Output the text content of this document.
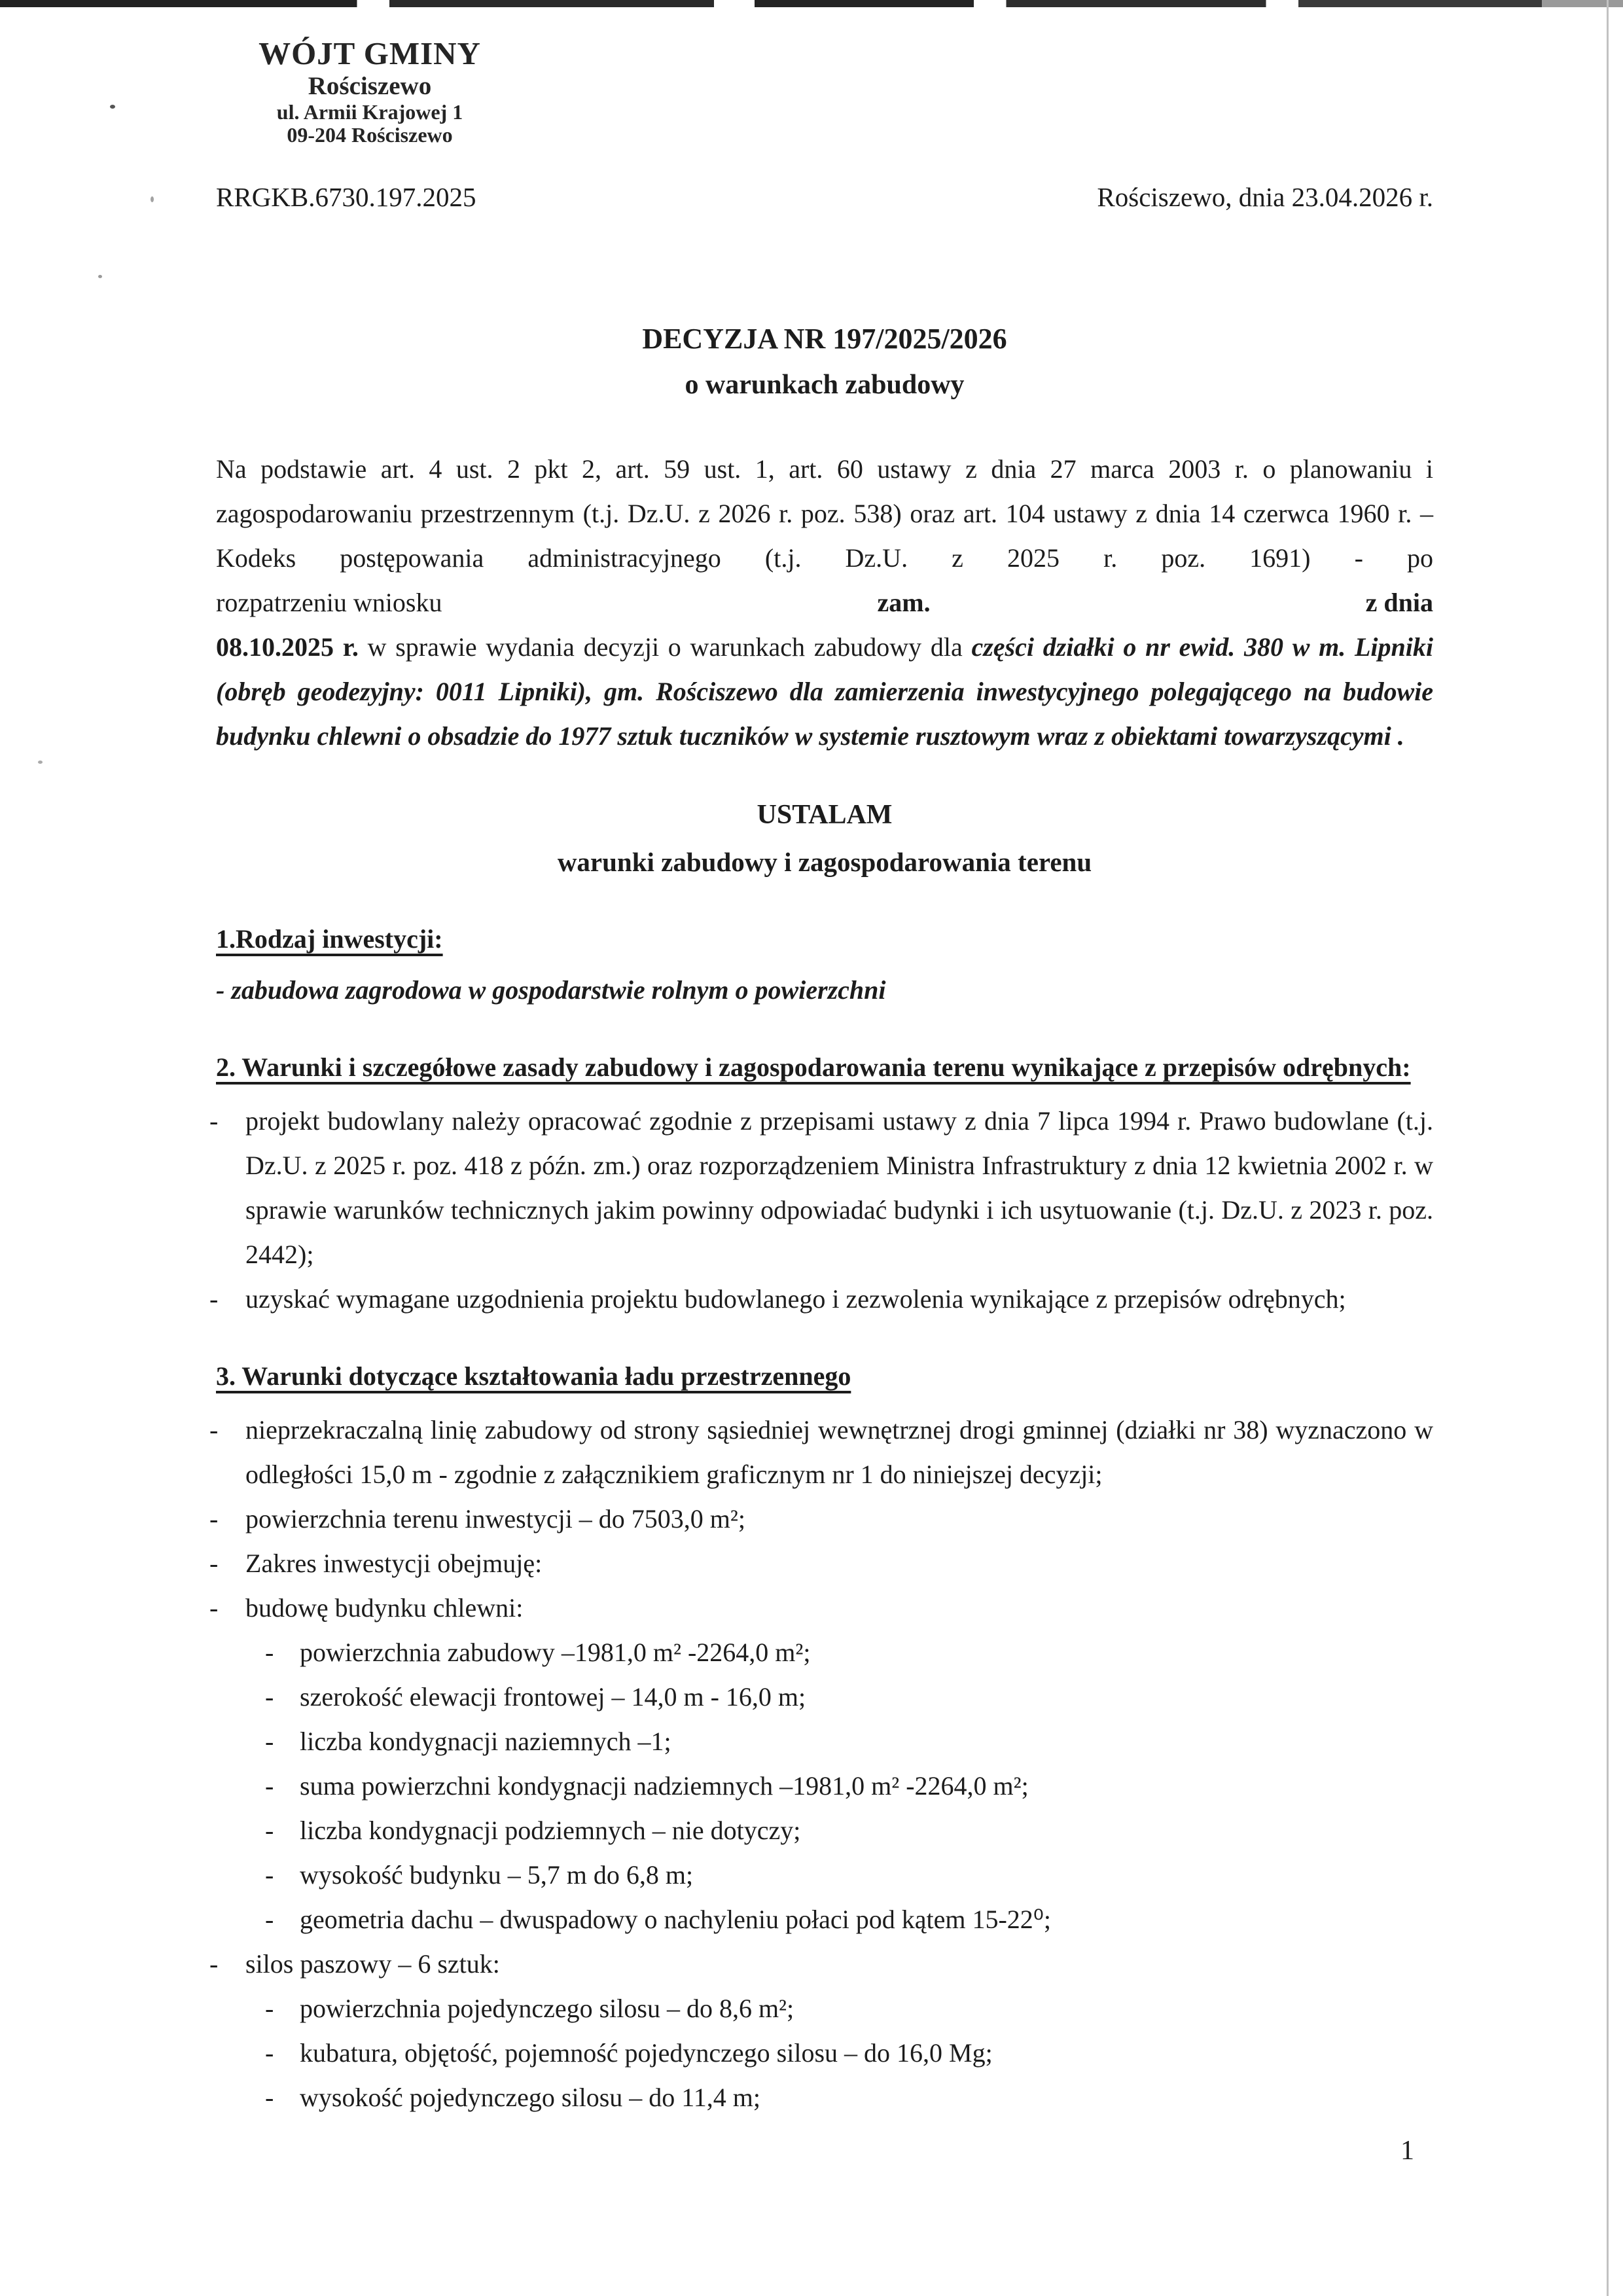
WÓJT GMINY
Rościszewo
ul. Armii Krajowej 1
09-204 Rościszewo
RRGKB.6730.197.2025	Rościszewo, dnia 23.04.2026 r.
DECYZJA NR 197/2025/2026
o warunkach zabudowy
Na podstawie art. 4 ust. 2 pkt 2, art. 59 ust. 1, art. 60 ustawy z dnia 27 marca 2003 r. o planowaniu i zagospodarowaniu przestrzennym (t.j. Dz.U. z 2026 r. poz. 538) oraz art. 104 ustawy z dnia 14 czerwca 1960 r. – Kodeks postępowania administracyjnego (t.j. Dz.U. z 2025 r. poz. 1691) - po
rozpatrzeniu wniosku	zam.	z dnia
08.10.2025 r. w sprawie wydania decyzji o warunkach zabudowy dla części działki o nr ewid. 380 w m. Lipniki (obręb geodezyjny: 0011 Lipniki), gm. Rościszewo dla zamierzenia inwestycyjnego polegającego na budowie budynku chlewni o obsadzie do 1977 sztuk tuczników w systemie rusztowym wraz z obiektami towarzyszącymi .
USTALAM
warunki zabudowy i zagospodarowania terenu
1.Rodzaj inwestycji:
- zabudowa zagrodowa w gospodarstwie rolnym o powierzchni
2. Warunki i szczegółowe zasady zabudowy i zagospodarowania terenu wynikające z przepisów odrębnych:
- projekt budowlany należy opracować zgodnie z przepisami ustawy z dnia 7 lipca 1994 r. Prawo budowlane (t.j. Dz.U. z 2025 r. poz. 418 z późn. zm.) oraz rozporządzeniem Ministra Infrastruktury z dnia 12 kwietnia 2002 r. w sprawie warunków technicznych jakim powinny odpowiadać budynki i ich usytuowanie (t.j. Dz.U. z 2023 r. poz. 2442);
- uzyskać wymagane uzgodnienia projektu budowlanego i zezwolenia wynikające z przepisów odrębnych;
3. Warunki dotyczące kształtowania ładu przestrzennego
- nieprzekraczalną linię zabudowy od strony sąsiedniej wewnętrznej drogi gminnej (działki nr 38) wyznaczono w odległości 15,0 m - zgodnie z załącznikiem graficznym nr 1 do niniejszej decyzji;
- powierzchnia terenu inwestycji – do 7503,0 m²;
- Zakres inwestycji obejmuję:
- budowę budynku chlewni:
- powierzchnia zabudowy –1981,0 m² -2264,0 m²;
- szerokość elewacji frontowej – 14,0 m - 16,0 m;
- liczba kondygnacji naziemnych –1;
- suma powierzchni kondygnacji nadziemnych –1981,0 m² -2264,0 m²;
- liczba kondygnacji podziemnych – nie dotyczy;
- wysokość budynku – 5,7 m do 6,8 m;
- geometria dachu – dwuspadowy o nachyleniu połaci pod kątem 15-22⁰;
- silos paszowy – 6 sztuk:
- powierzchnia pojedynczego silosu – do 8,6 m²;
- kubatura, objętość, pojemność pojedynczego silosu – do 16,0 Mg;
- wysokość pojedynczego silosu – do 11,4 m;
1
